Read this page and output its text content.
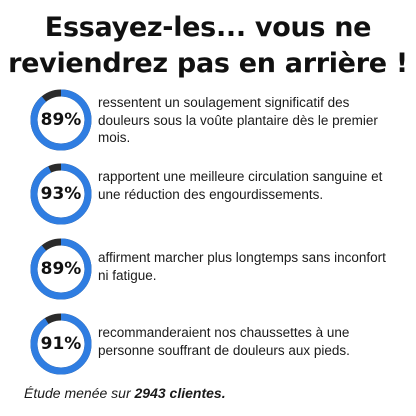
Essayez-les... vous ne
reviendrez pas en arrière !
89%
ressentent un soulagement significatif des douleurs sous la voûte plantaire dès le premier mois.
93%
rapportent une meilleure circulation sanguine et une réduction des engourdissements.
89%
affirment marcher plus longtemps sans inconfort ni fatigue.
91%
recommanderaient nos chaussettes à une personne souffrant de douleurs aux pieds.
Étude menée sur 2943 clientes.
